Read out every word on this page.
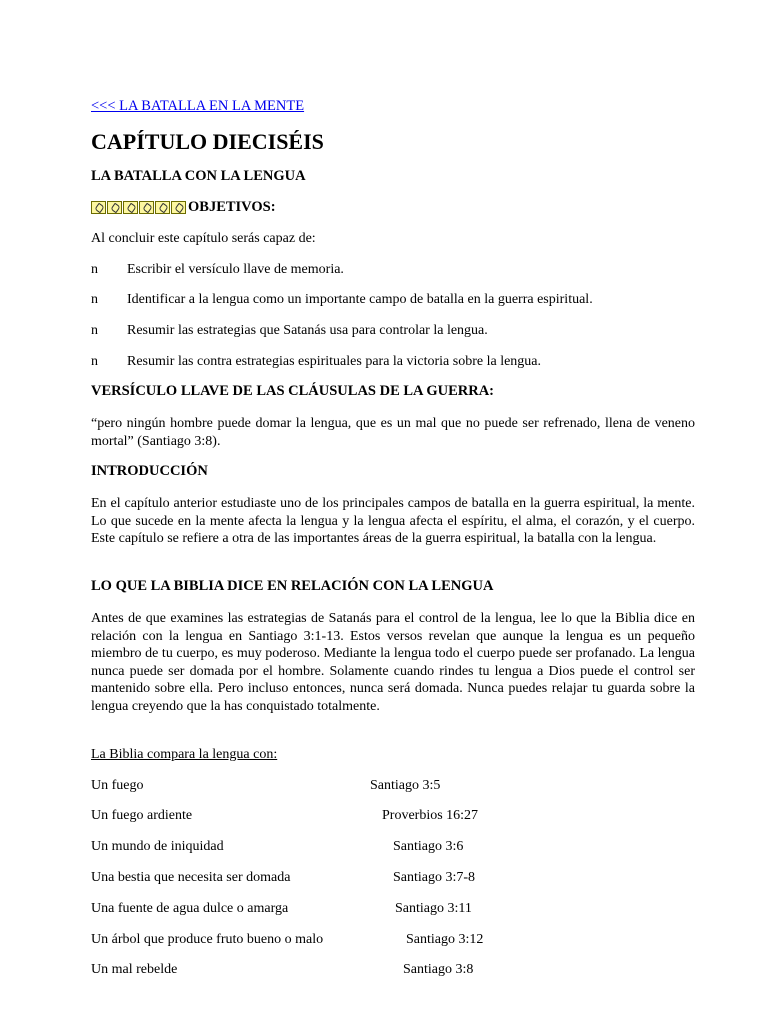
<<< LA BATALLA EN LA MENTE
CAPÍTULO DIECISÉIS
LA BATALLA CON LA LENGUA
OBJETIVOS:
Al concluir este capítulo serás capaz de:
n Escribir el versículo llave de memoria.
n Identificar a la lengua como un importante campo de batalla en la guerra espiritual.
n Resumir las estrategias que Satanás usa para controlar la lengua.
n Resumir las contra estrategias espirituales para la victoria sobre la lengua.
VERSÍCULO LLAVE DE LAS CLÁUSULAS DE LA GUERRA:
“pero ningún hombre puede domar la lengua, que es un mal que no puede ser refrenado, llena de veneno mortal” (Santiago 3:8).
INTRODUCCIÓN
En el capítulo anterior estudiaste uno de los principales campos de batalla en la guerra espiritual, la mente. Lo que sucede en la mente afecta la lengua y la lengua afecta el espíritu, el alma, el corazón, y el cuerpo. Este capítulo se refiere a otra de las importantes áreas de la guerra espiritual, la batalla con la lengua.
LO QUE LA BIBLIA DICE EN RELACIÓN CON LA LENGUA
Antes de que examines las estrategias de Satanás para el control de la lengua, lee lo que la Biblia dice en relación con la lengua en Santiago 3:1-13. Estos versos revelan que aunque la lengua es un pequeño miembro de tu cuerpo, es muy poderoso. Mediante la lengua todo el cuerpo puede ser profanado. La lengua nunca puede ser domada por el hombre. Solamente cuando rindes tu lengua a Dios puede el control ser mantenido sobre ella. Pero incluso entonces, nunca será domada. Nunca puedes relajar tu guarda sobre la lengua creyendo que la has conquistado totalmente.
La Biblia compara la lengua con:
Un fuego	Santiago 3:5
Un fuego ardiente	Proverbios 16:27
Un mundo de iniquidad	Santiago 3:6
Una bestia que necesita ser domada	Santiago 3:7-8
Una fuente de agua dulce o amarga	Santiago 3:11
Un árbol que produce fruto bueno o malo	Santiago 3:12
Un mal rebelde	Santiago 3:8
